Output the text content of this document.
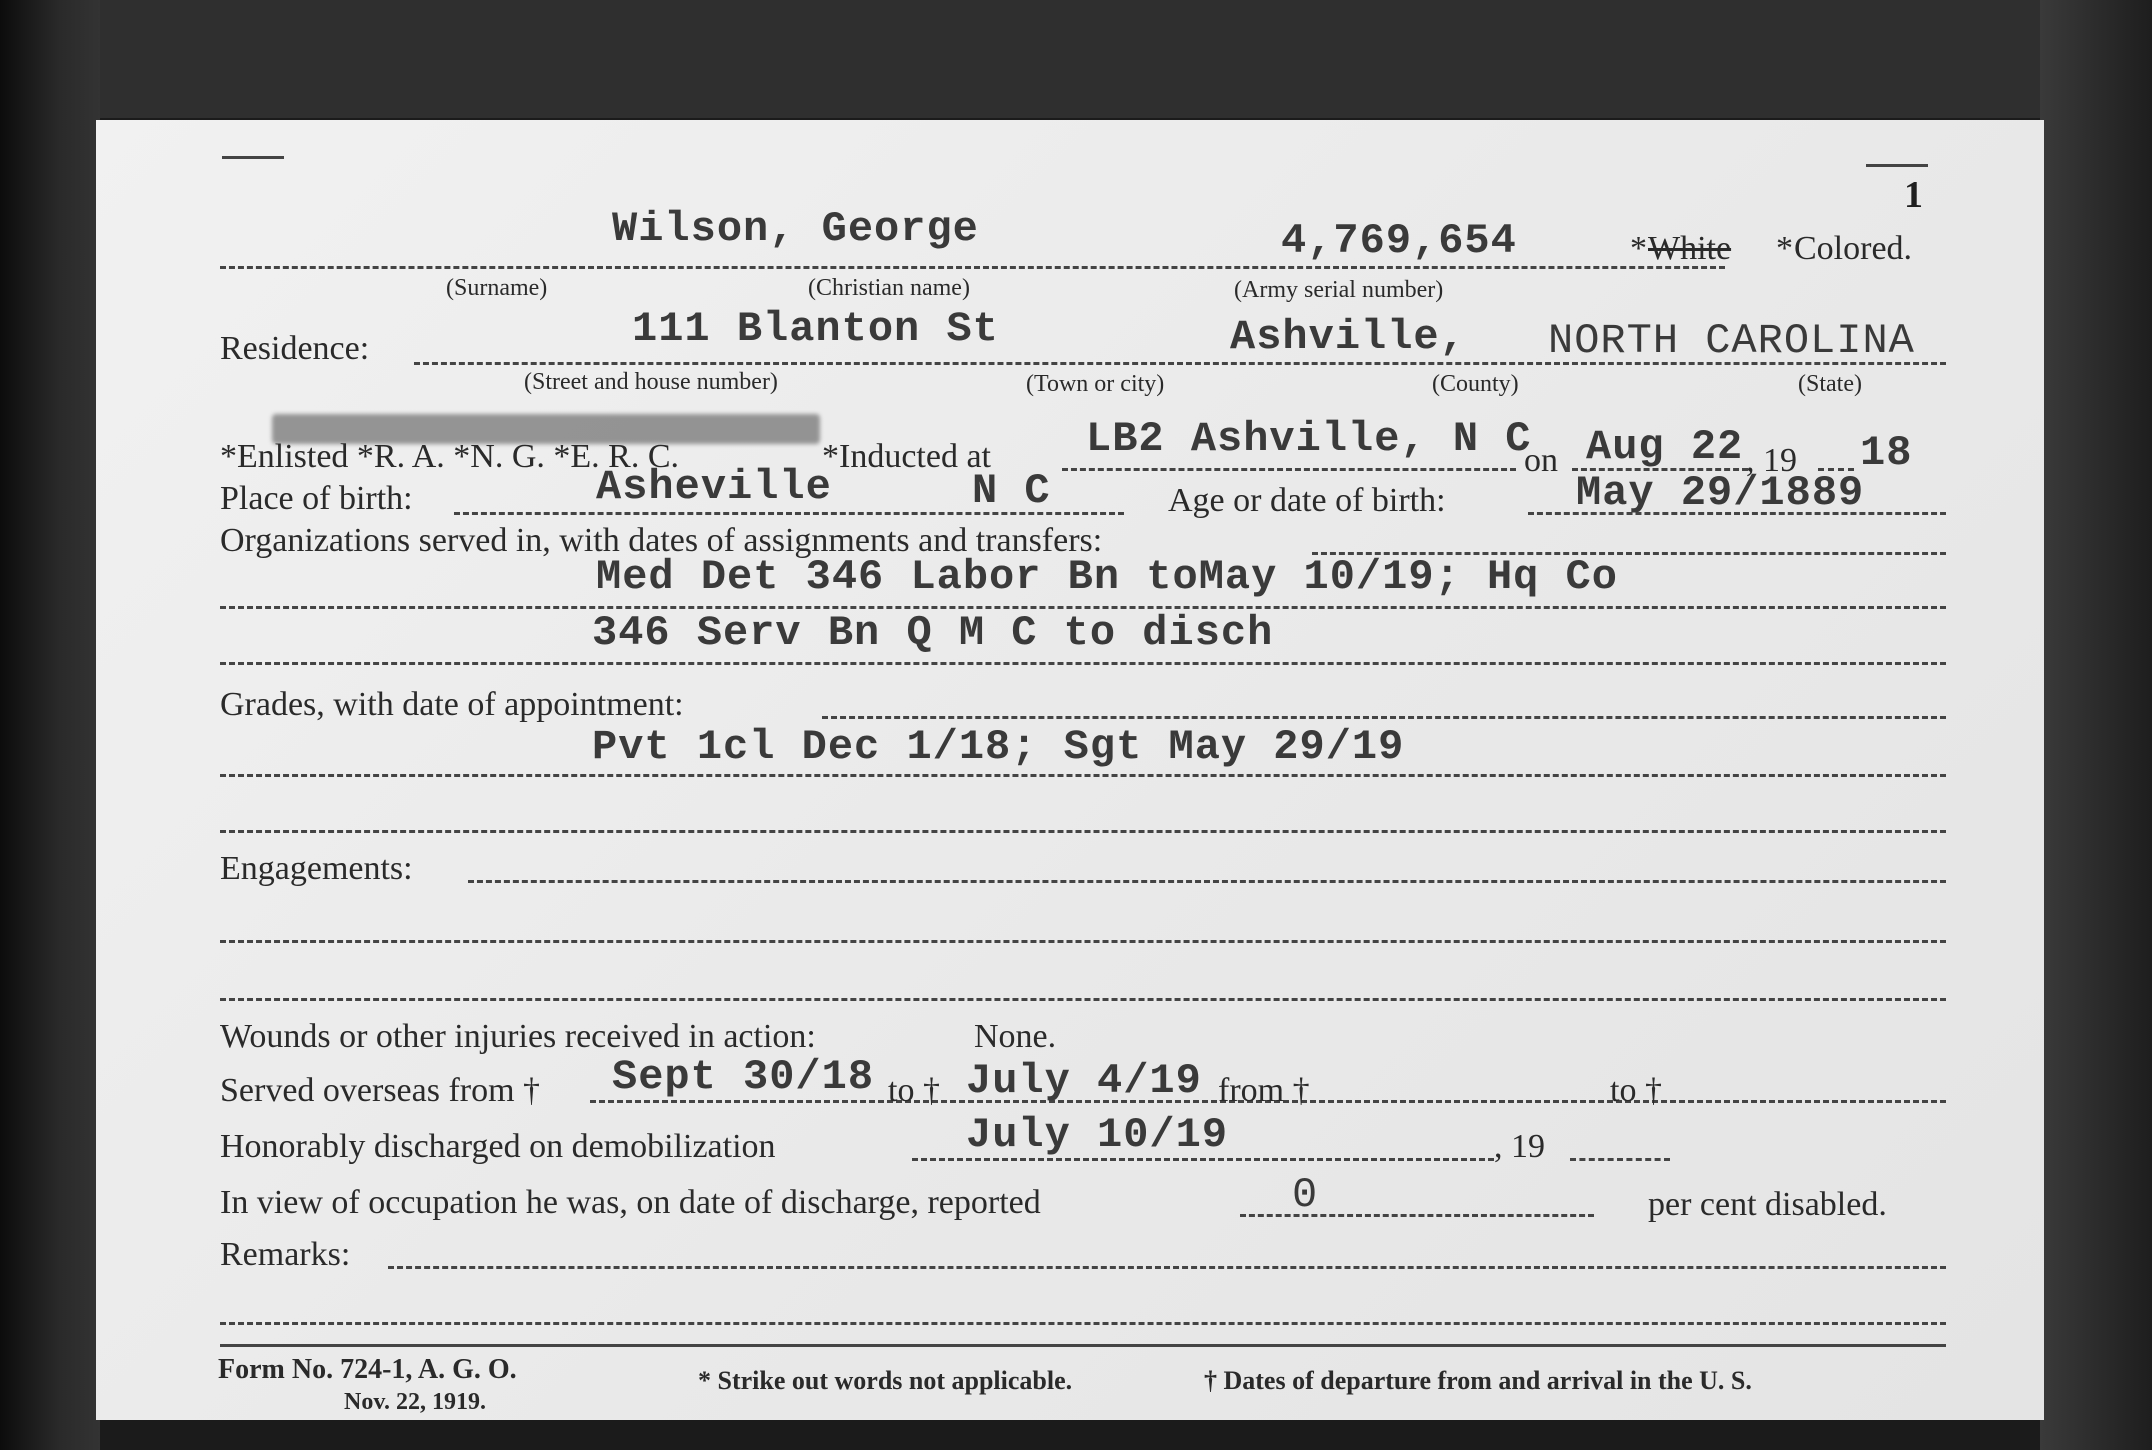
1
Wilson, George	4,769,654	* White * Colored.
(Surname)	(Christian name)	(Army serial number)
Residence:	111 Blanton St	Ashville, NORTH CAROLINA
(Street and house number)	(Town or city)	(County)	(State)
*Enlisted *R. A. *N. G. *E. R. C.	*Inducted at LB2 Ashville, N C
on Aug 22 , 19 18
Place of birth:	Asheville	N C	Age or date of birth:	May 29/1889
Organizations served in, with dates of assignments and transfers:
Med Det 346 Labor Bn toMay 10/19; Hq Co
346 Serv Bn Q M C to disch
Grades, with date of appointment:
Pvt 1cl Dec 1/18; Sgt May 29/19
Engagements:
Wounds or other injuries received in action:	None.
Served overseas from † Sept 30/18 to † July 4/19 from †	to †
Honorably discharged on demobilization	July 10/19	, 19
In view of occupation he was, on date of discharge, reported	0	per cent disabled.
Remarks:
Form No. 724-1, A. G. O.
Nov. 22, 1919.
* Strike out words not applicable.	† Dates of departure from and arrival in the U. S.
